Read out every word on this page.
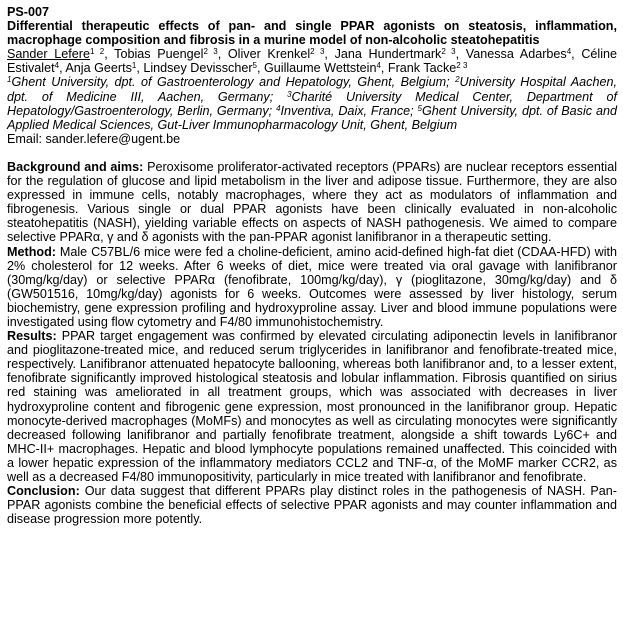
PS-007
Differential therapeutic effects of pan- and single PPAR agonists on steatosis, inflammation, macrophage composition and fibrosis in a murine model of non-alcoholic steatohepatitis
Sander Lefere$^{1 2}$, Tobias Puengel$^{2 3}$, Oliver Krenkel$^{2 3}$, Jana Hundertmark$^{2 3}$, Vanessa Adarbes$^4$, Céline Estivalet$^4$, Anja Geerts$^1$, Lindsey Devisscher$^5$, Guillaume Wettstein$^4$, Frank Tacke$^{2 3}$
$^1$Ghent University, dpt. of Gastroenterology and Hepatology, Ghent, Belgium; $^2$University Hospital Aachen, dpt. of Medicine III, Aachen, Germany; $^3$Charité University Medical Center, Department of Hepatology/Gastroenterology, Berlin, Germany; $^4$Inventiva, Daix, France; $^5$Ghent University, dpt. of Basic and Applied Medical Sciences, Gut-Liver Immunopharmacology Unit, Ghent, Belgium
Email: sander.lefere@ugent.be
Background and aims: Peroxisome proliferator-activated receptors (PPARs) are nuclear receptors essential for the regulation of glucose and lipid metabolism in the liver and adipose tissue. Furthermore, they are also expressed in immune cells, notably macrophages, where they act as modulators of inflammation and fibrogenesis. Various single or dual PPAR agonists have been clinically evaluated in non-alcoholic steatohepatitis (NASH), yielding variable effects on aspects of NASH pathogenesis. We aimed to compare selective PPARα, γ and δ agonists with the pan-PPAR agonist lanifibranor in a therapeutic setting.
Method: Male C57BL/6 mice were fed a choline-deficient, amino acid-defined high-fat diet (CDAA-HFD) with 2% cholesterol for 12 weeks. After 6 weeks of diet, mice were treated via oral gavage with lanifibranor (30mg/kg/day) or selective PPARα (fenofibrate, 100mg/kg/day), γ (pioglitazone, 30mg/kg/day) and δ (GW501516, 10mg/kg/day) agonists for 6 weeks. Outcomes were assessed by liver histology, serum biochemistry, gene expression profiling and hydroxyproline assay. Liver and blood immune populations were investigated using flow cytometry and F4/80 immunohistochemistry.
Results: PPAR target engagement was confirmed by elevated circulating adiponectin levels in lanifibranor and pioglitazone-treated mice, and reduced serum triglycerides in lanifibranor and fenofibrate-treated mice, respectively. Lanifibranor attenuated hepatocyte ballooning, whereas both lanifibranor and, to a lesser extent, fenofibrate significantly improved histological steatosis and lobular inflammation. Fibrosis quantified on sirius red staining was ameliorated in all treatment groups, which was associated with decreases in liver hydroxyproline content and fibrogenic gene expression, most pronounced in the lanifibranor group. Hepatic monocyte-derived macrophages (MoMFs) and monocytes as well as circulating monocytes were significantly decreased following lanifibranor and partially fenofibrate treatment, alongside a shift towards Ly6C+ and MHC-II+ macrophages. Hepatic and blood lymphocyte populations remained unaffected. This coincided with a lower hepatic expression of the inflammatory mediators CCL2 and TNF-α, of the MoMF marker CCR2, as well as a decreased F4/80 immunopositivity, particularly in mice treated with lanifibranor and fenofibrate.
Conclusion: Our data suggest that different PPARs play distinct roles in the pathogenesis of NASH. Pan-PPAR agonists combine the beneficial effects of selective PPAR agonists and may counter inflammation and disease progression more potently.
